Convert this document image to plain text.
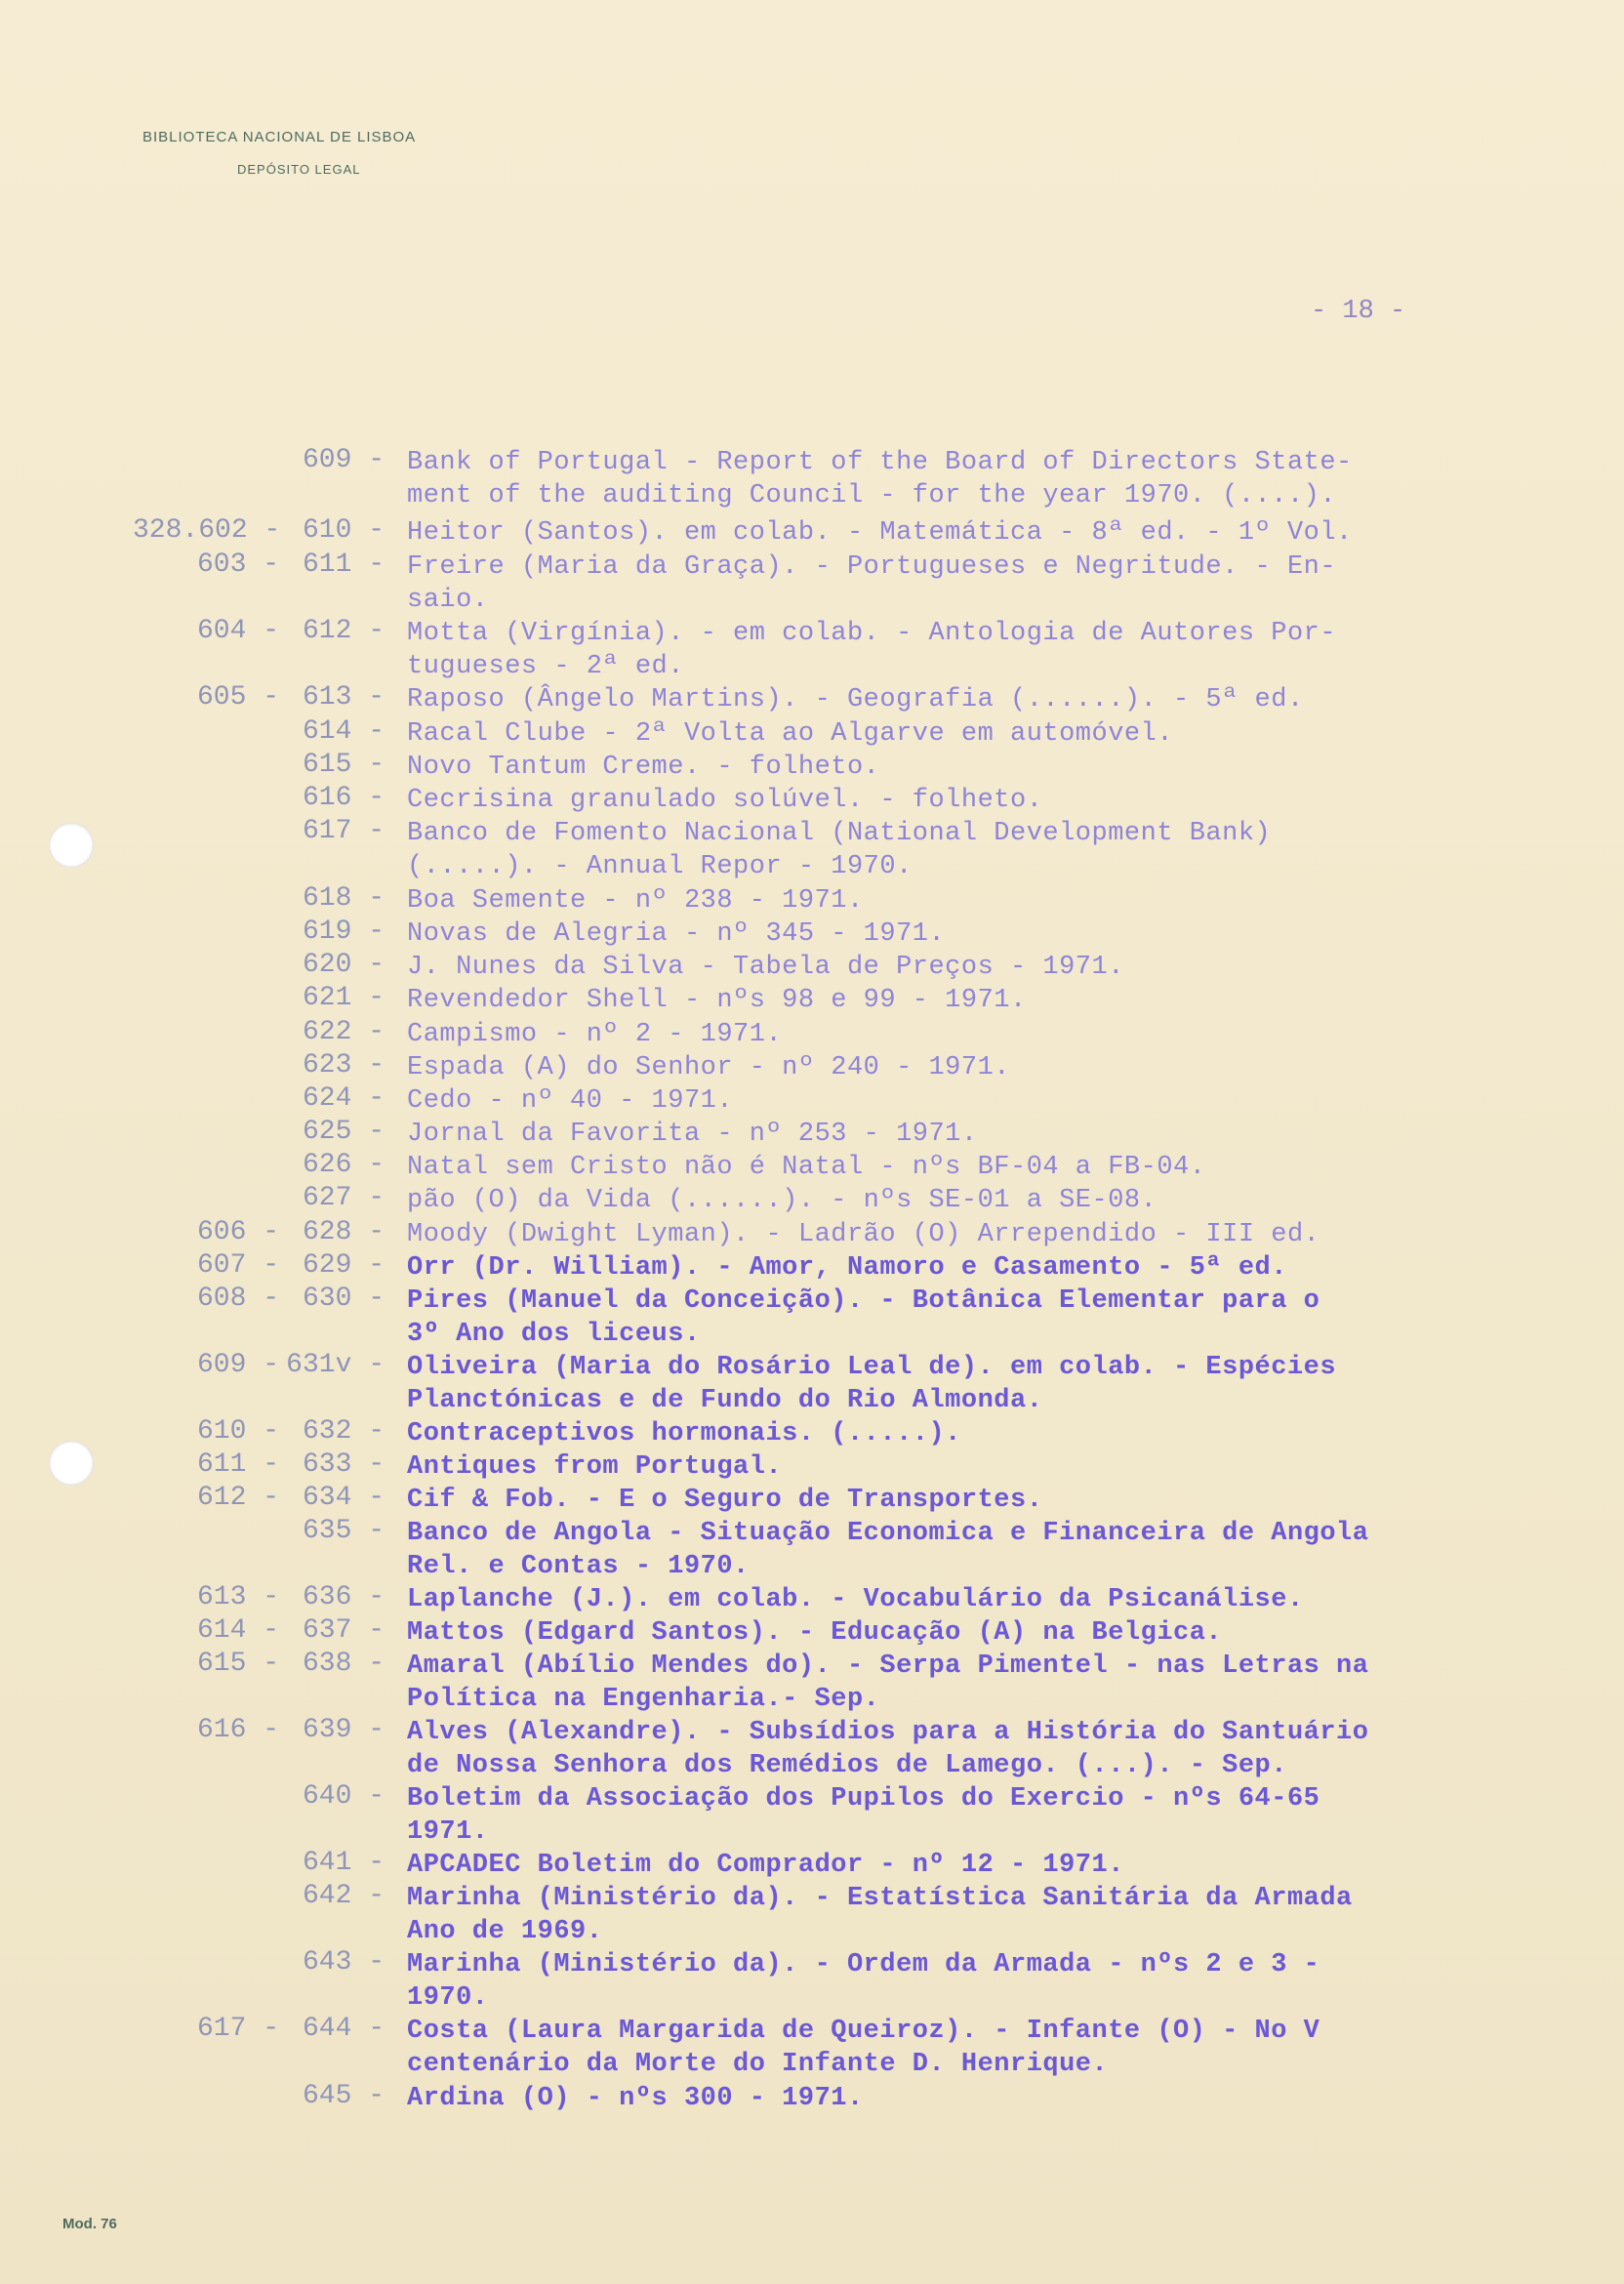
BIBLIOTECA NACIONAL DE LISBOA
DEPÓSITO LEGAL
- 18 -
609 -	Bank of Portugal - Report of the Board of Directors State-
ment of the auditing Council - for the year 1970. (....).
328.602 -	610 -	Heitor (Santos). em colab. - Matemática - 8ª ed. - 1º Vol.
603 -	611 -	Freire (Maria da Graça). - Portugueses e Negritude. - En-
saio.
604 -	612 -	Motta (Virgínia). - em colab. - Antologia de Autores Por-
tugueses - 2ª ed.
605 -	613 -	Raposo (Ângelo Martins). - Geografia (......). - 5ª ed.
614 -	Racal Clube - 2ª Volta ao Algarve em automóvel.
615 -	Novo Tantum Creme. - folheto.
616 -	Cecrisina granulado solúvel. - folheto.
617 -	Banco de Fomento Nacional (National Development Bank)
(.....). - Annual Repor - 1970.
618 -	Boa Semente - nº 238 - 1971.
619 -	Novas de Alegria - nº 345 - 1971.
620 -	J. Nunes da Silva - Tabela de Preços - 1971.
621 -	Revendedor Shell - nºs 98 e 99 - 1971.
622 -	Campismo - nº 2 - 1971.
623 -	Espada (A) do Senhor - nº 240 - 1971.
624 -	Cedo - nº 40 - 1971.
625 -	Jornal da Favorita - nº 253 - 1971.
626 -	Natal sem Cristo não é Natal - nºs BF-04 a FB-04.
627 -	pão (O) da Vida (......). - nºs SE-01 a SE-08.
606 -	628 -	Moody (Dwight Lyman). - Ladrão (O) Arrependido - III ed.
607 -	629 -	Orr (Dr. William). - Amor, Namoro e Casamento - 5ª ed.
608 -	630 -	Pires (Manuel da Conceição). - Botânica Elementar para o
3º Ano dos liceus.
609 -	631v -	Oliveira (Maria do Rosário Leal de). em colab. - Espécies
Planctónicas e de Fundo do Rio Almonda.
610 -	632 -	Contraceptivos hormonais. (.....).
611 -	633 -	Antiques from Portugal.
612 -	634 -	Cif & Fob. - E o Seguro de Transportes.
635 -	Banco de Angola - Situação Economica e Financeira de Angola
Rel. e Contas - 1970.
613 -	636 -	Laplanche (J.). em colab. - Vocabulário da Psicanálise.
614 -	637 -	Mattos (Edgard Santos). - Educação (A) na Belgica.
615 -	638 -	Amaral (Abílio Mendes do). - Serpa Pimentel - nas Letras na
Política na Engenharia.- Sep.
616 -	639 -	Alves (Alexandre). - Subsídios para a História do Santuário
de Nossa Senhora dos Remédios de Lamego. (...). - Sep.
640 -	Boletim da Associação dos Pupilos do Exercio - nºs 64-65
1971.
641 -	APCADEC Boletim do Comprador - nº 12 - 1971.
642 -	Marinha (Ministério da). - Estatística Sanitária da Armada
Ano de 1969.
643 -	Marinha (Ministério da). - Ordem da Armada - nºs 2 e 3 -
1970.
617 -	644 -	Costa (Laura Margarida de Queiroz). - Infante (O) - No V
centenário da Morte do Infante D. Henrique.
645 -	Ardina (O) - nºs 300 - 1971.
Mod. 76
